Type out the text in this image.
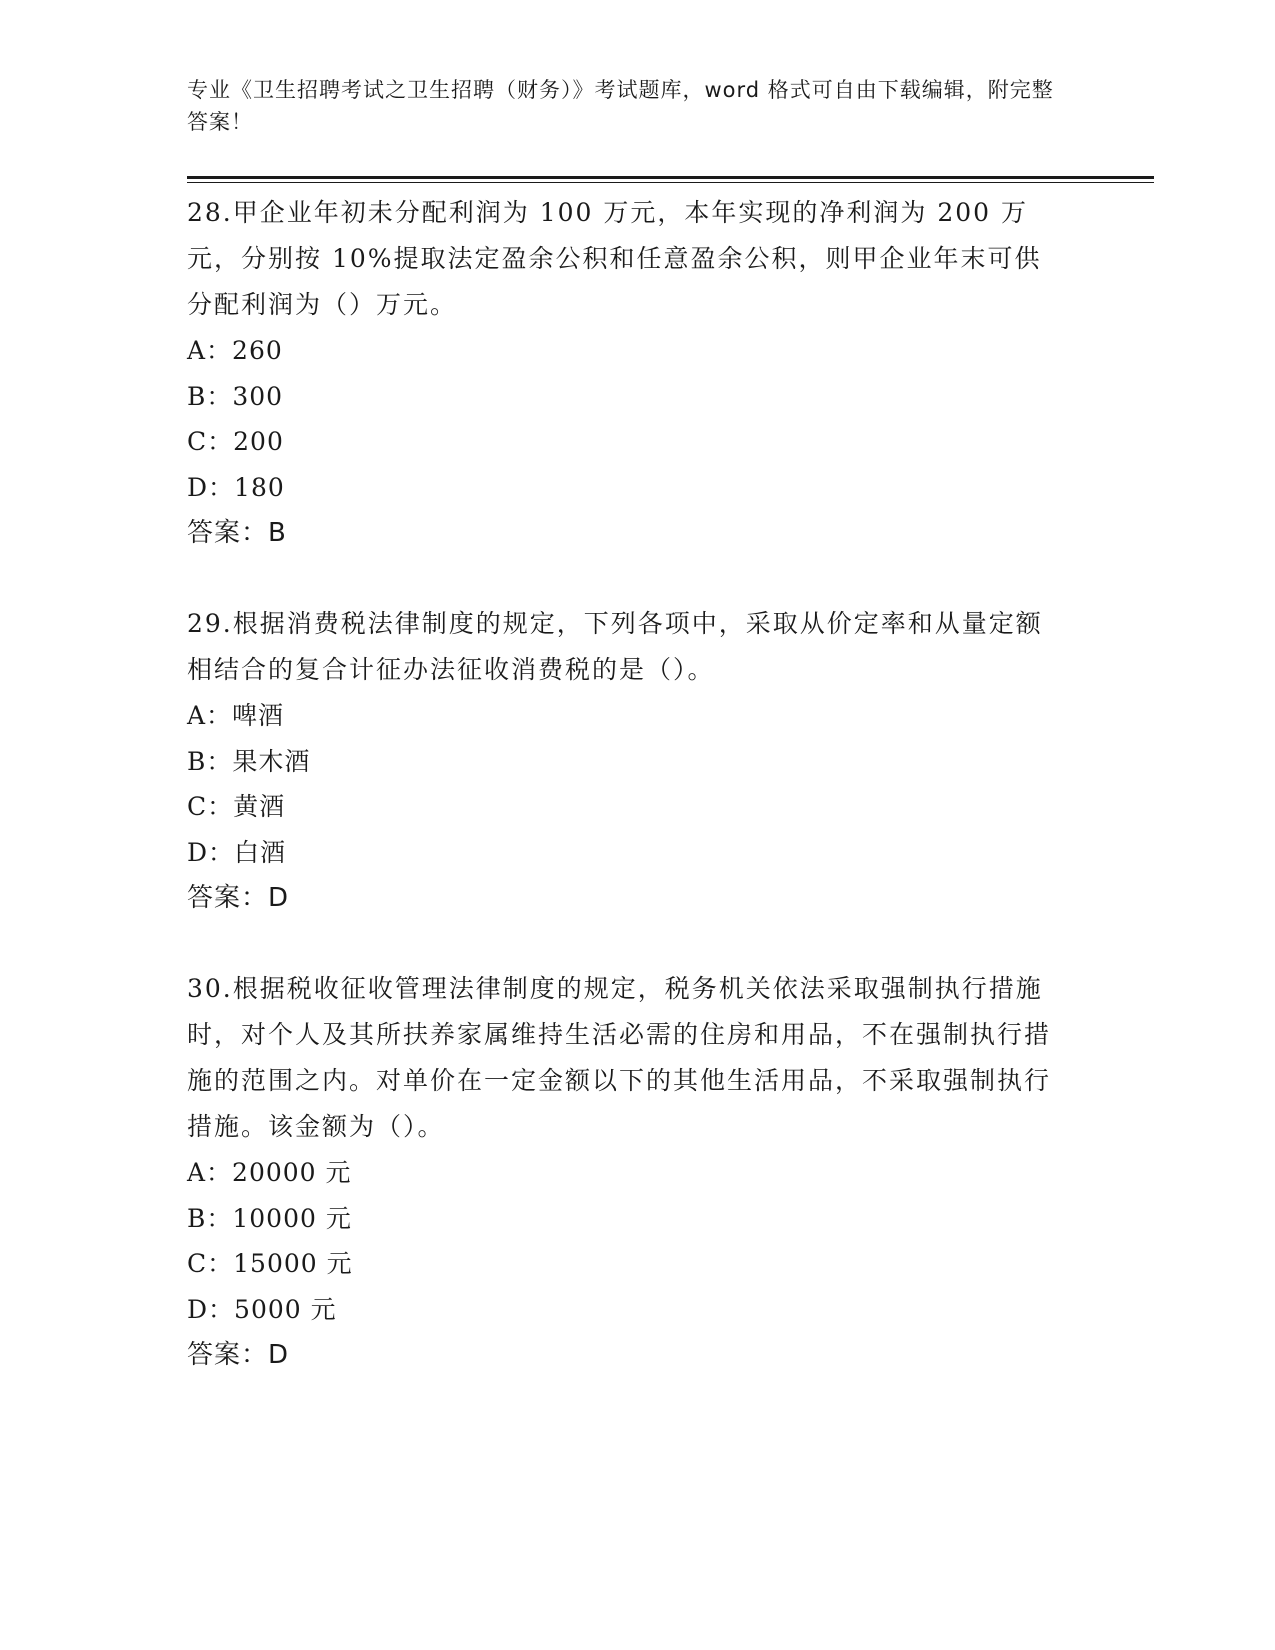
专业《卫生招聘考试之卫生招聘（财务）》考试题库，word 格式可自由下载编辑，附完整答案！
28.甲企业年初未分配利润为 100 万元，本年实现的净利润为 200 万元，分别按 10%提取法定盈余公积和任意盈余公积，则甲企业年末可供分配利润为（）万元。
A：260
B：300
C：200
D：180
答案：B
29.根据消费税法律制度的规定，下列各项中，采取从价定率和从量定额相结合的复合计征办法征收消费税的是（）。
A：啤酒
B：果木酒
C：黄酒
D：白酒
答案：D
30.根据税收征收管理法律制度的规定，税务机关依法采取强制执行措施时，对个人及其所扶养家属维持生活必需的住房和用品，不在强制执行措施的范围之内。对单价在一定金额以下的其他生活用品，不采取强制执行措施。该金额为（）。
A：20000 元
B：10000 元
C：15000 元
D：5000 元
答案：D
